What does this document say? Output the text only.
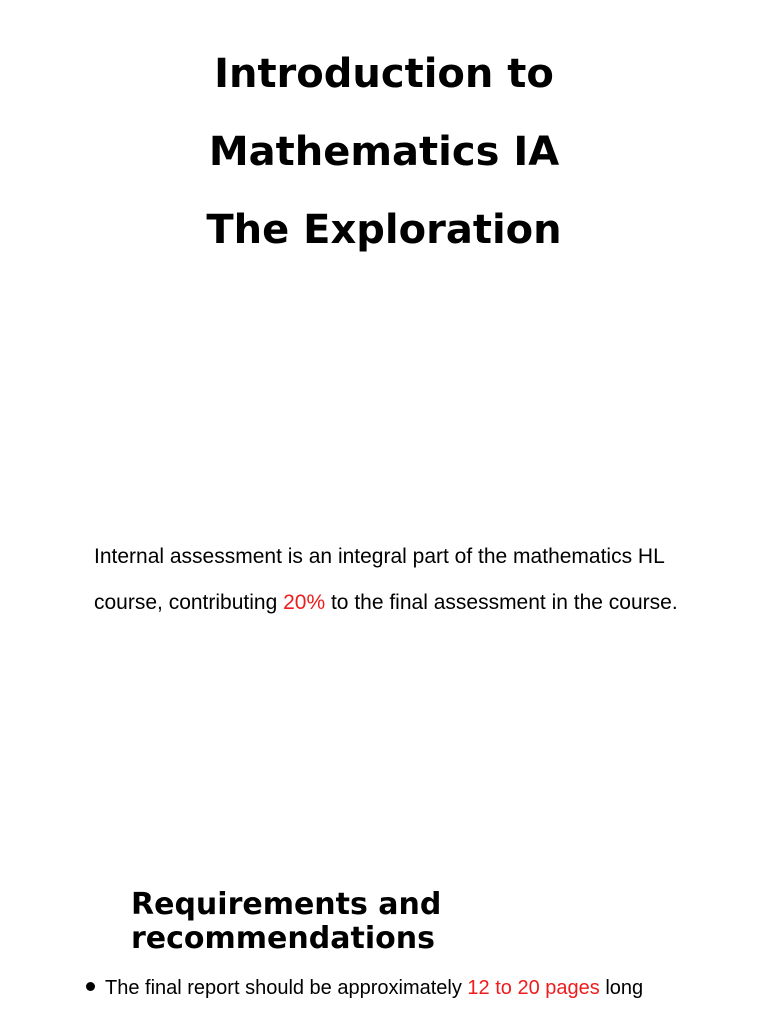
Introduction to
Mathematics IA
The Exploration

Internal assessment is an integral part of the mathematics HL course, contributing 20% to the final assessment in the course.

Requirements and recommendations
The final report should be approximately 12 to 20 pages long
